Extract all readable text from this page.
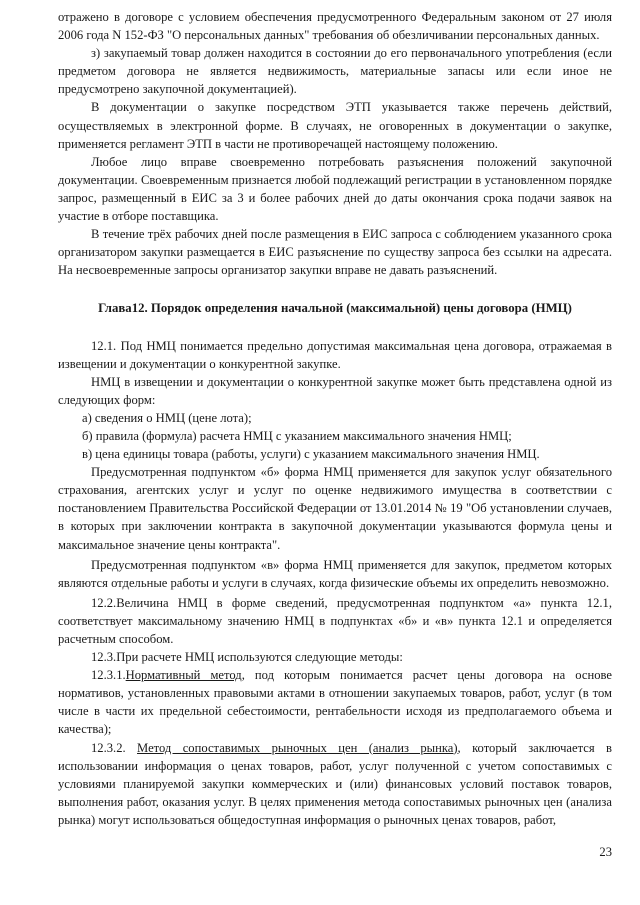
отражено в договоре с условием обеспечения предусмотренного Федеральным законом от 27 июля 2006 года N 152-ФЗ "О персональных данных" требования об обезличивании персональных данных.

з) закупаемый товар должен находится в состоянии до его первоначального употребления (если предметом договора не является недвижимость, материальные запасы или если иное не предусмотрено закупочной документацией).

В документации о закупке посредством ЭТП указывается также перечень действий, осуществляемых в электронной форме. В случаях, не оговоренных в документации о закупке, применяется регламент ЭТП в части не противоречащей настоящему положению.

Любое лицо вправе своевременно потребовать разъяснения положений закупочной документации. Своевременным признается любой подлежащий регистрации в установленном порядке запрос, размещенный в ЕИС за 3 и более рабочих дней до даты окончания срока подачи заявок на участие в отборе поставщика.

В течение трёх рабочих дней после размещения в ЕИС запроса с соблюдением указанного срока организатором закупки размещается в ЕИС разъяснение по существу запроса без ссылки на адресата. На несвоевременные запросы организатор закупки вправе не давать разъяснений.

Глава12. Порядок определения начальной (максимальной) цены договора (НМЦ)

12.1. Под НМЦ понимается предельно допустимая максимальная цена договора, отражаемая в извещении и документации о конкурентной закупке.

НМЦ в извещении и документации о конкурентной закупке может быть представлена одной из следующих форм:

а) сведения о НМЦ (цене лота);

б) правила (формула) расчета НМЦ с указанием максимального значения НМЦ;

в) цена единицы товара (работы, услуги) с указанием максимального значения НМЦ.

Предусмотренная подпунктом «б» форма НМЦ применяется для закупок услуг обязательного страхования, агентских услуг и услуг по оценке недвижимого имущества в соответствии с постановлением Правительства Российской Федерации от 13.01.2014 № 19 "Об установлении случаев, в которых при заключении контракта в закупочной документации указываются формула цены и максимальное значение цены контракта".

Предусмотренная подпунктом «в» форма НМЦ применяется для закупок, предметом которых являются отдельные работы и услуги в случаях, когда физические объемы их определить невозможно.

12.2.Величина НМЦ в форме сведений, предусмотренная подпунктом «а» пункта 12.1, соответствует максимальному значению НМЦ в подпунктах «б» и «в» пункта 12.1 и определяется расчетным способом.

12.3.При расчете НМЦ используются следующие методы:

12.3.1.Нормативный метод, под которым понимается расчет цены договора на основе нормативов, установленных правовыми актами в отношении закупаемых товаров, работ, услуг (в том числе в части их предельной себестоимости, рентабельности исходя из предполагаемого объема и качества);

12.3.2. Метод сопоставимых рыночных цен (анализ рынка), который заключается в использовании информация о ценах товаров, работ, услуг полученной с учетом сопоставимых с условиями планируемой закупки коммерческих и (или) финансовых условий поставок товаров, выполнения работ, оказания услуг. В целях применения метода сопоставимых рыночных цен (анализа рынка) могут использоваться общедоступная информация о рыночных ценах товаров, работ,

23
